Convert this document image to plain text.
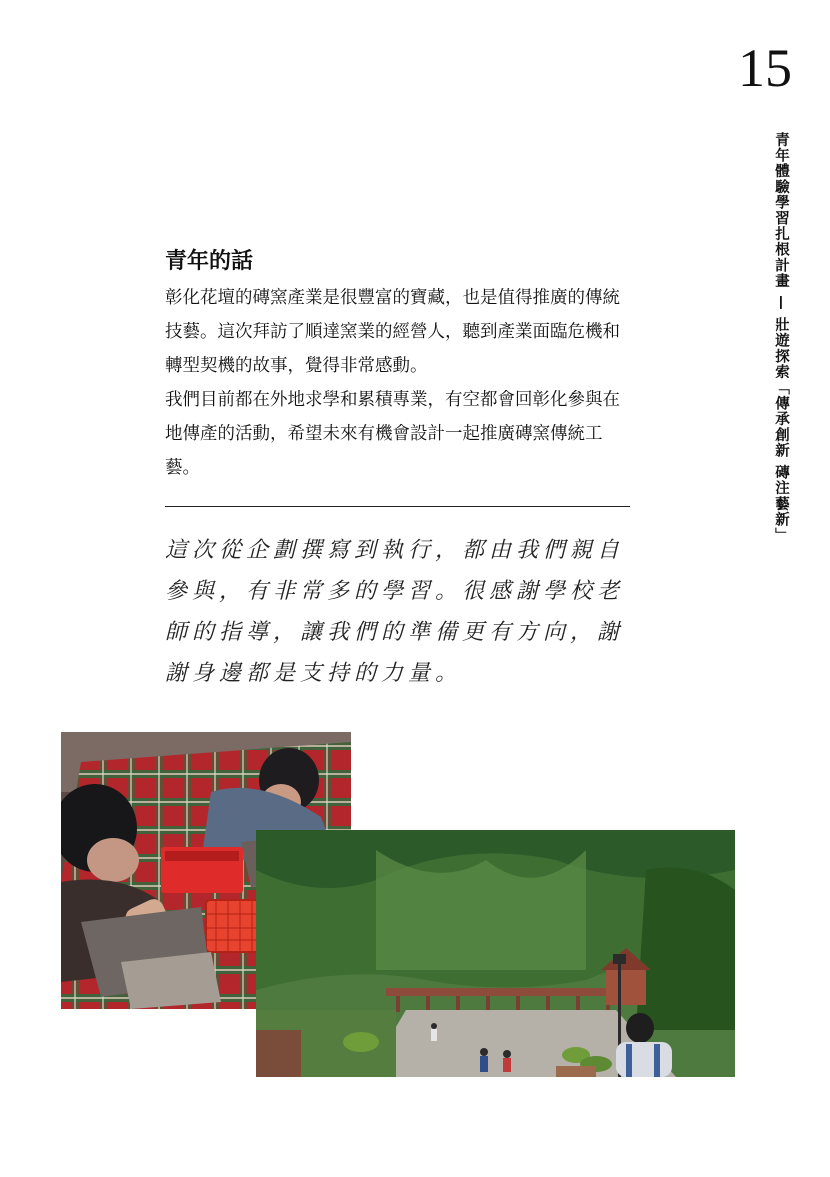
15
青年體驗學習扎根計畫 — 壯遊探索「傳承創新 磚注藝新」
青年的話

彰化花壇的磚窯產業是很豐富的寶藏，也是值得推廣的傳統技藝。這次拜訪了順達窯業的經營人，聽到產業面臨危機和轉型契機的故事，覺得非常感動。

我們目前都在外地求學和累積專業，有空都會回彰化參與在地傳產的活動，希望未來有機會設計一起推廣磚窯傳統工藝。

這次從企劃撰寫到執行，都由我們親自參與，有非常多的學習。很感謝學校老師的指導，讓我們的準備更有方向，謝謝身邊都是支持的力量。
